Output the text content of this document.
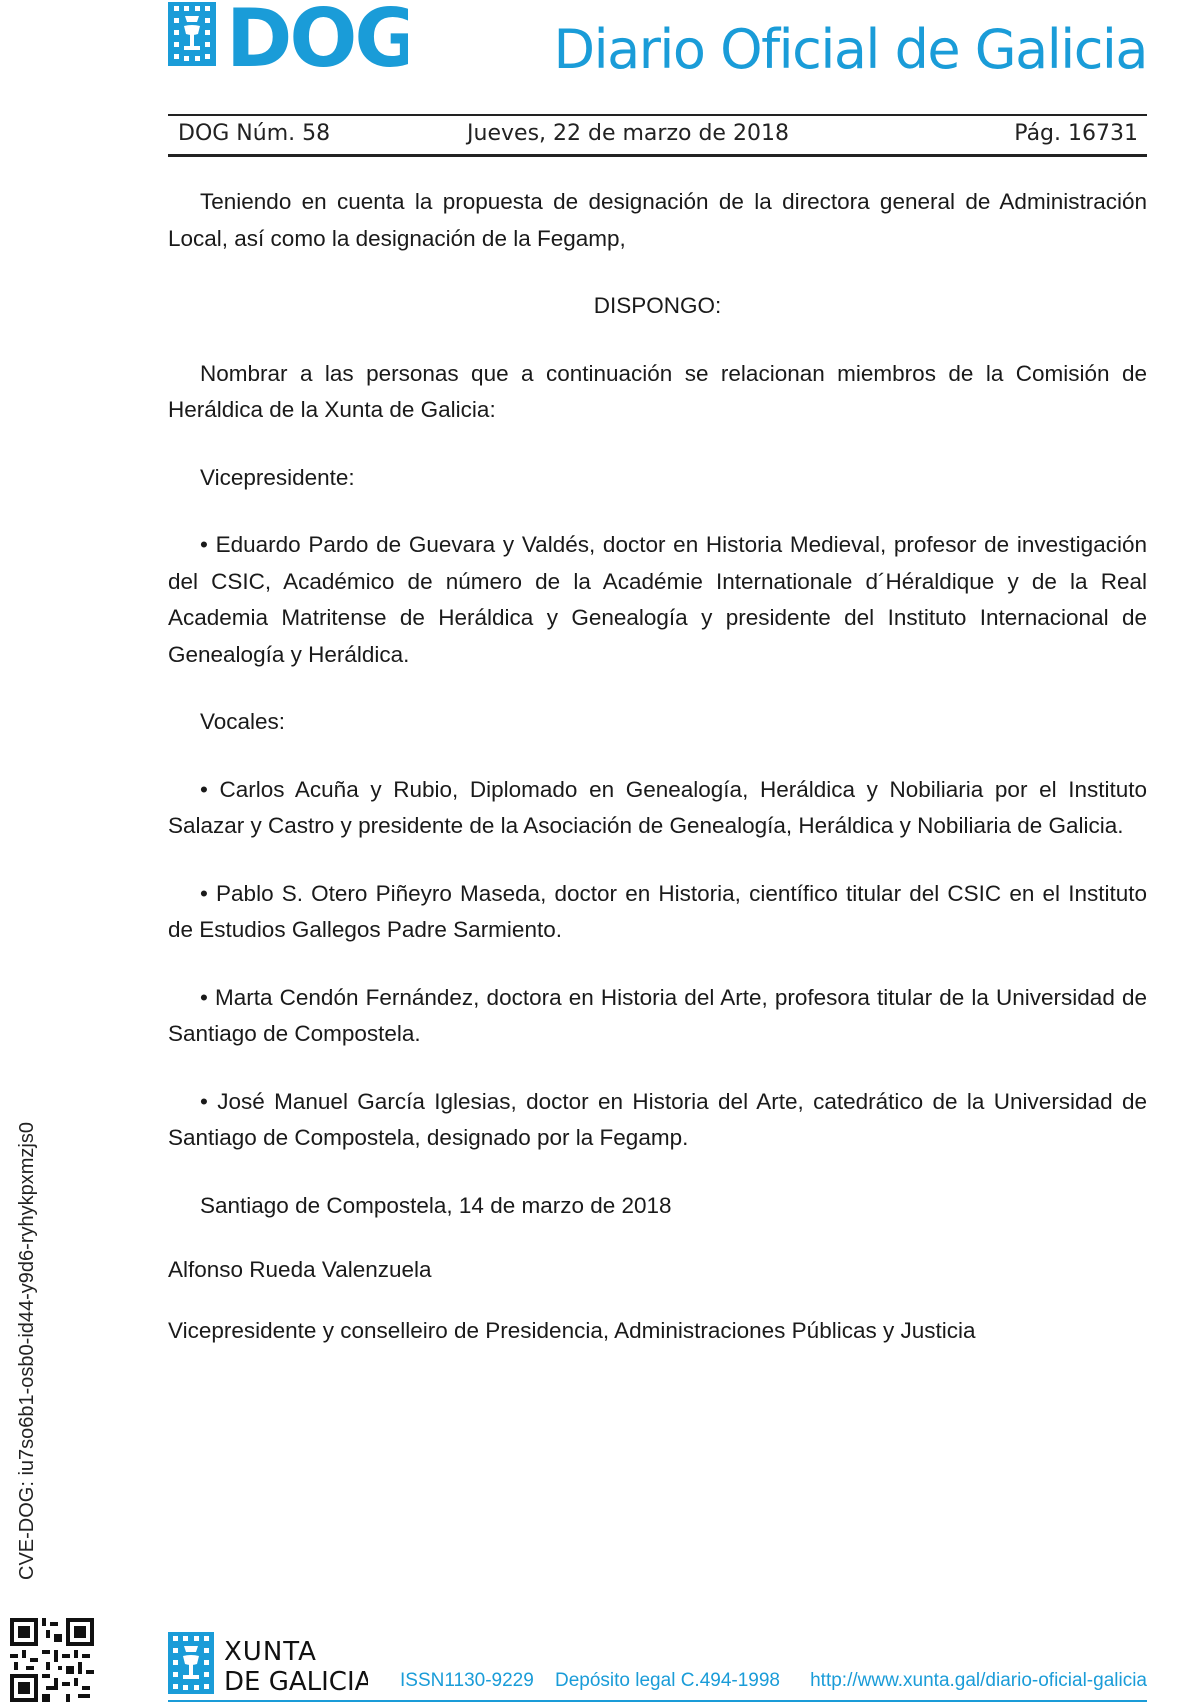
DOG	Diario Oficial de Galicia
DOG Núm. 58	Jueves, 22 de marzo de 2018	Pág. 16731

Teniendo en cuenta la propuesta de designación de la directora general de Administración Local, así como la designación de la Fegamp,

DISPONGO:

Nombrar a las personas que a continuación se relacionan miembros de la Comisión de Heráldica de la Xunta de Galicia:

Vicepresidente:

• Eduardo Pardo de Guevara y Valdés, doctor en Historia Medieval, profesor de investigación del CSIC, Académico de número de la Académie Internationale d´Héraldique y de la Real Academia Matritense de Heráldica y Genealogía y presidente del Instituto Internacional de Genealogía y Heráldica.

Vocales:

• Carlos Acuña y Rubio, Diplomado en Genealogía, Heráldica y Nobiliaria por el Instituto Salazar y Castro y presidente de la Asociación de Genealogía, Heráldica y Nobiliaria de Galicia.

• Pablo S. Otero Piñeyro Maseda, doctor en Historia, científico titular del CSIC en el Instituto de Estudios Gallegos Padre Sarmiento.

• Marta Cendón Fernández, doctora en Historia del Arte, profesora titular de la Universidad de Santiago de Compostela.

• José Manuel García Iglesias, doctor en Historia del Arte, catedrático de la Universidad de Santiago de Compostela, designado por la Fegamp.

Santiago de Compostela, 14 de marzo de 2018

Alfonso Rueda Valenzuela

Vicepresidente y conselleiro de Presidencia, Administraciones Públicas y Justicia

CVE-DOG: iu7so6b1-osb0-id44-y9d6-ryhykpxmzjs0
XUNTA
DE GALICIA ISSN1130-9229 Depósito legal C.494-1998 http://www.xunta.gal/diario-oficial-galicia
